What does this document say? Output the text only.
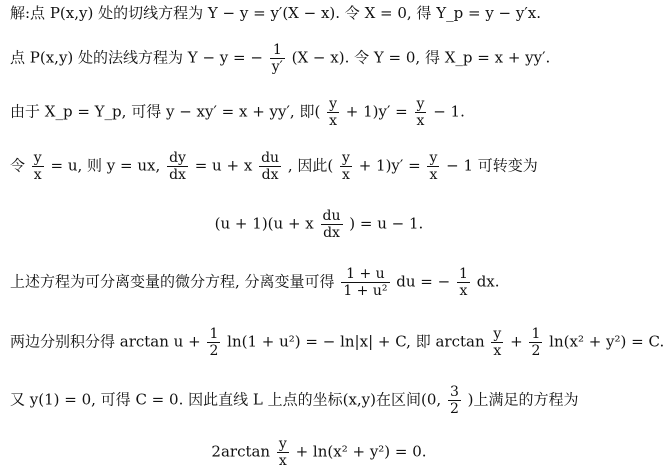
解:点 P(x,y) 处的切线方程为 Y − y = y′(X − x). 令 X = 0, 得 Y_p = y − y′x.
点 P(x,y) 处的法线方程为 Y − y = − $\frac{1}{y'} (X - x)$. 令 Y = 0, 得 X_p = x + yy′.
由于 X_p = Y_p, 可得 y − xy′ = x + yy′, 即( $\frac{y}{x} + 1)y' = \frac{y}{x} - 1$.
令 $\frac{y}{x} = u$, 则 y = ux, $\frac{dy}{dx} = u + x \frac{du}{dx}$ , 因此( $\frac{y}{x} + 1)y' = \frac{y}{x} - 1$ 可转变为
(u + 1)(u + x $\frac{du}{dx}$ ) = u − 1.
上述方程为可分离变量的微分方程, 分离变量可得 $\frac{1 + u}{\text{1 + u²}}$ du = − $\frac{1}{x}$ dx.
两边分别积分得 $\arctan u + \frac{1}{2} \ln(1 + u^2)$ = − ln|x| + C, 即 $\arctan \frac{y}{x} + \frac{1}{2} \ln(x^2 + y^2) = C$.
又 y(1) = 0, 可得 C = 0. 因此直线 L 上点的坐标(x,y)在区间(0, $\frac{3}{2}$ )上满足的方程为
$2\arctan \frac{y}{x} + \ln(x^2 + y^2) = 0$.
